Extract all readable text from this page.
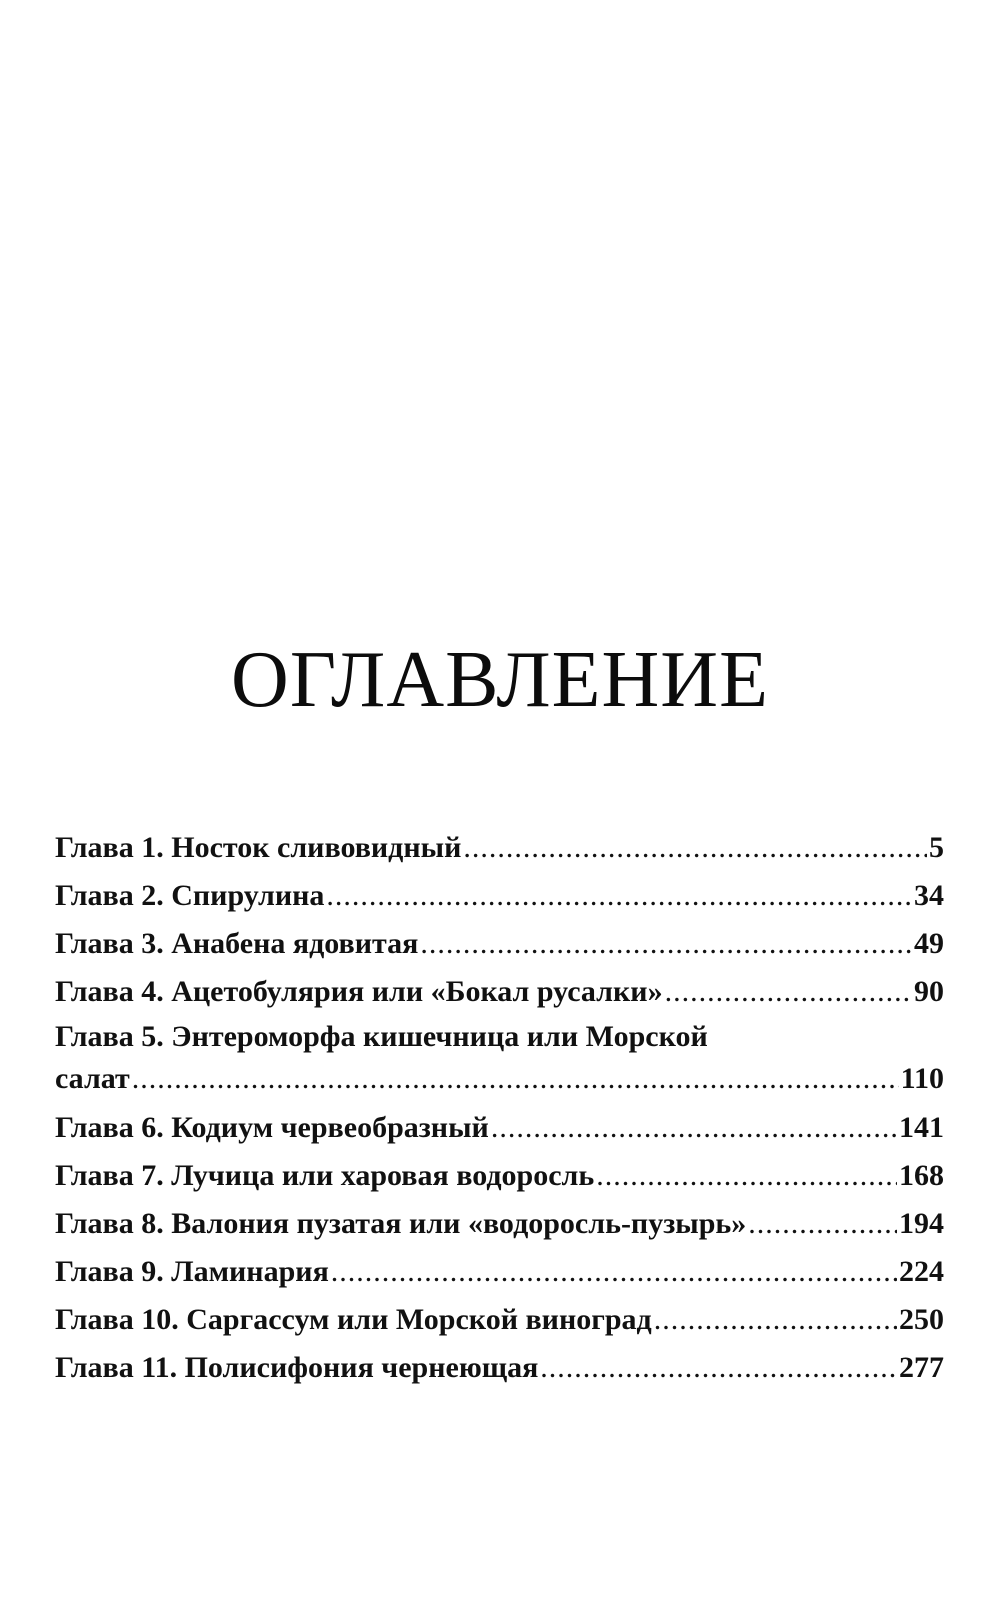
ОГЛАВЛЕНИЕ
Глава 1. Носток сливовидный .....	5
Глава 2. Спирулина .....	34
Глава 3. Анабена ядовитая .....	49
Глава 4. Ацетобулярия или «Бокал русалки» .....	90
Глава 5. Энтероморфа кишечница или Морской
салат .....	110
Глава 6. Кодиум червеобразный .....	141
Глава 7. Лучица или харовая водоросль .....	168
Глава 8. Валония пузатая или «водоросль-пузырь» .....	194
Глава 9. Ламинария .....	224
Глава 10. Саргассум или Морской виноград .....	250
Глава 11. Полисифония чернеющая .....	277
